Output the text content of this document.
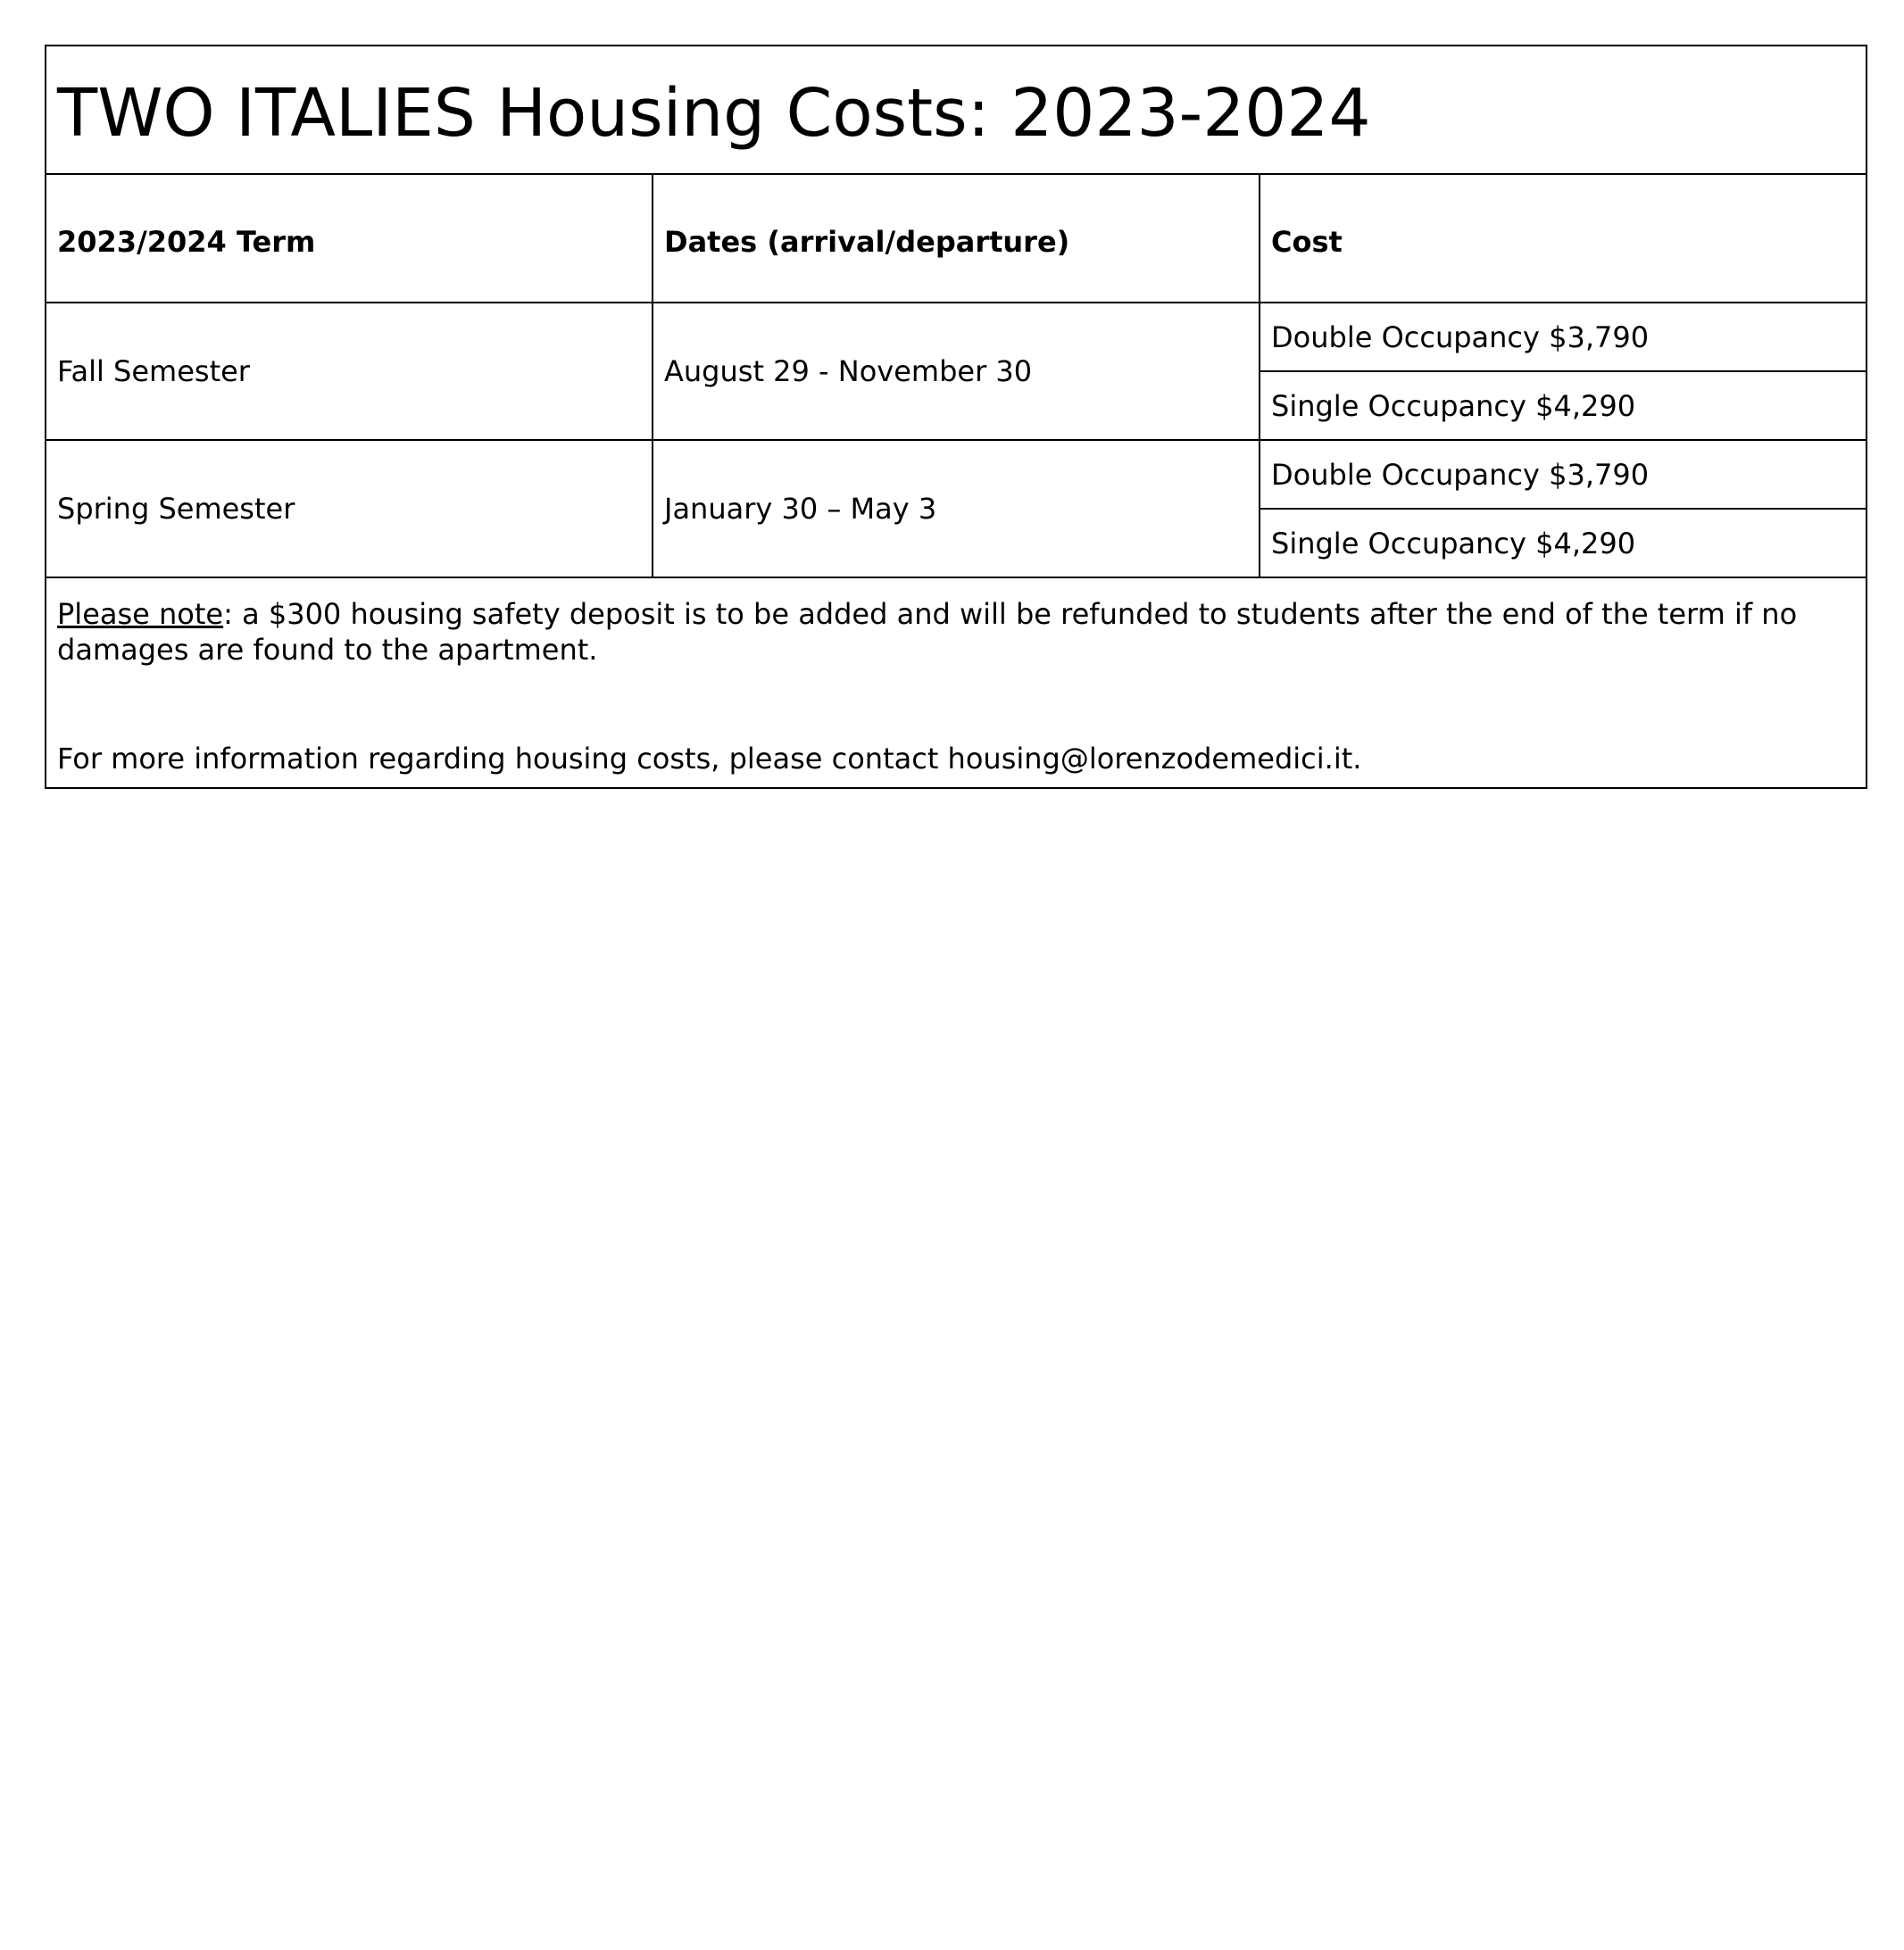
TWO ITALIES Housing Costs: 2023-2024		
2023/2024 Term	Dates (arrival/departure)	Cost
Fall Semester	August 29 - November 30	Double Occupancy $3,790
		Single Occupancy $4,290
Spring Semester	January 30 – May 3	Double Occupancy $3,790
		Single Occupancy $4,290

Please note: a $300 housing safety deposit is to be added and will be refunded to students after the end of the term if no damages are found to the apartment.
For more information regarding housing costs, please contact housing@lorenzodemedici.it.		
